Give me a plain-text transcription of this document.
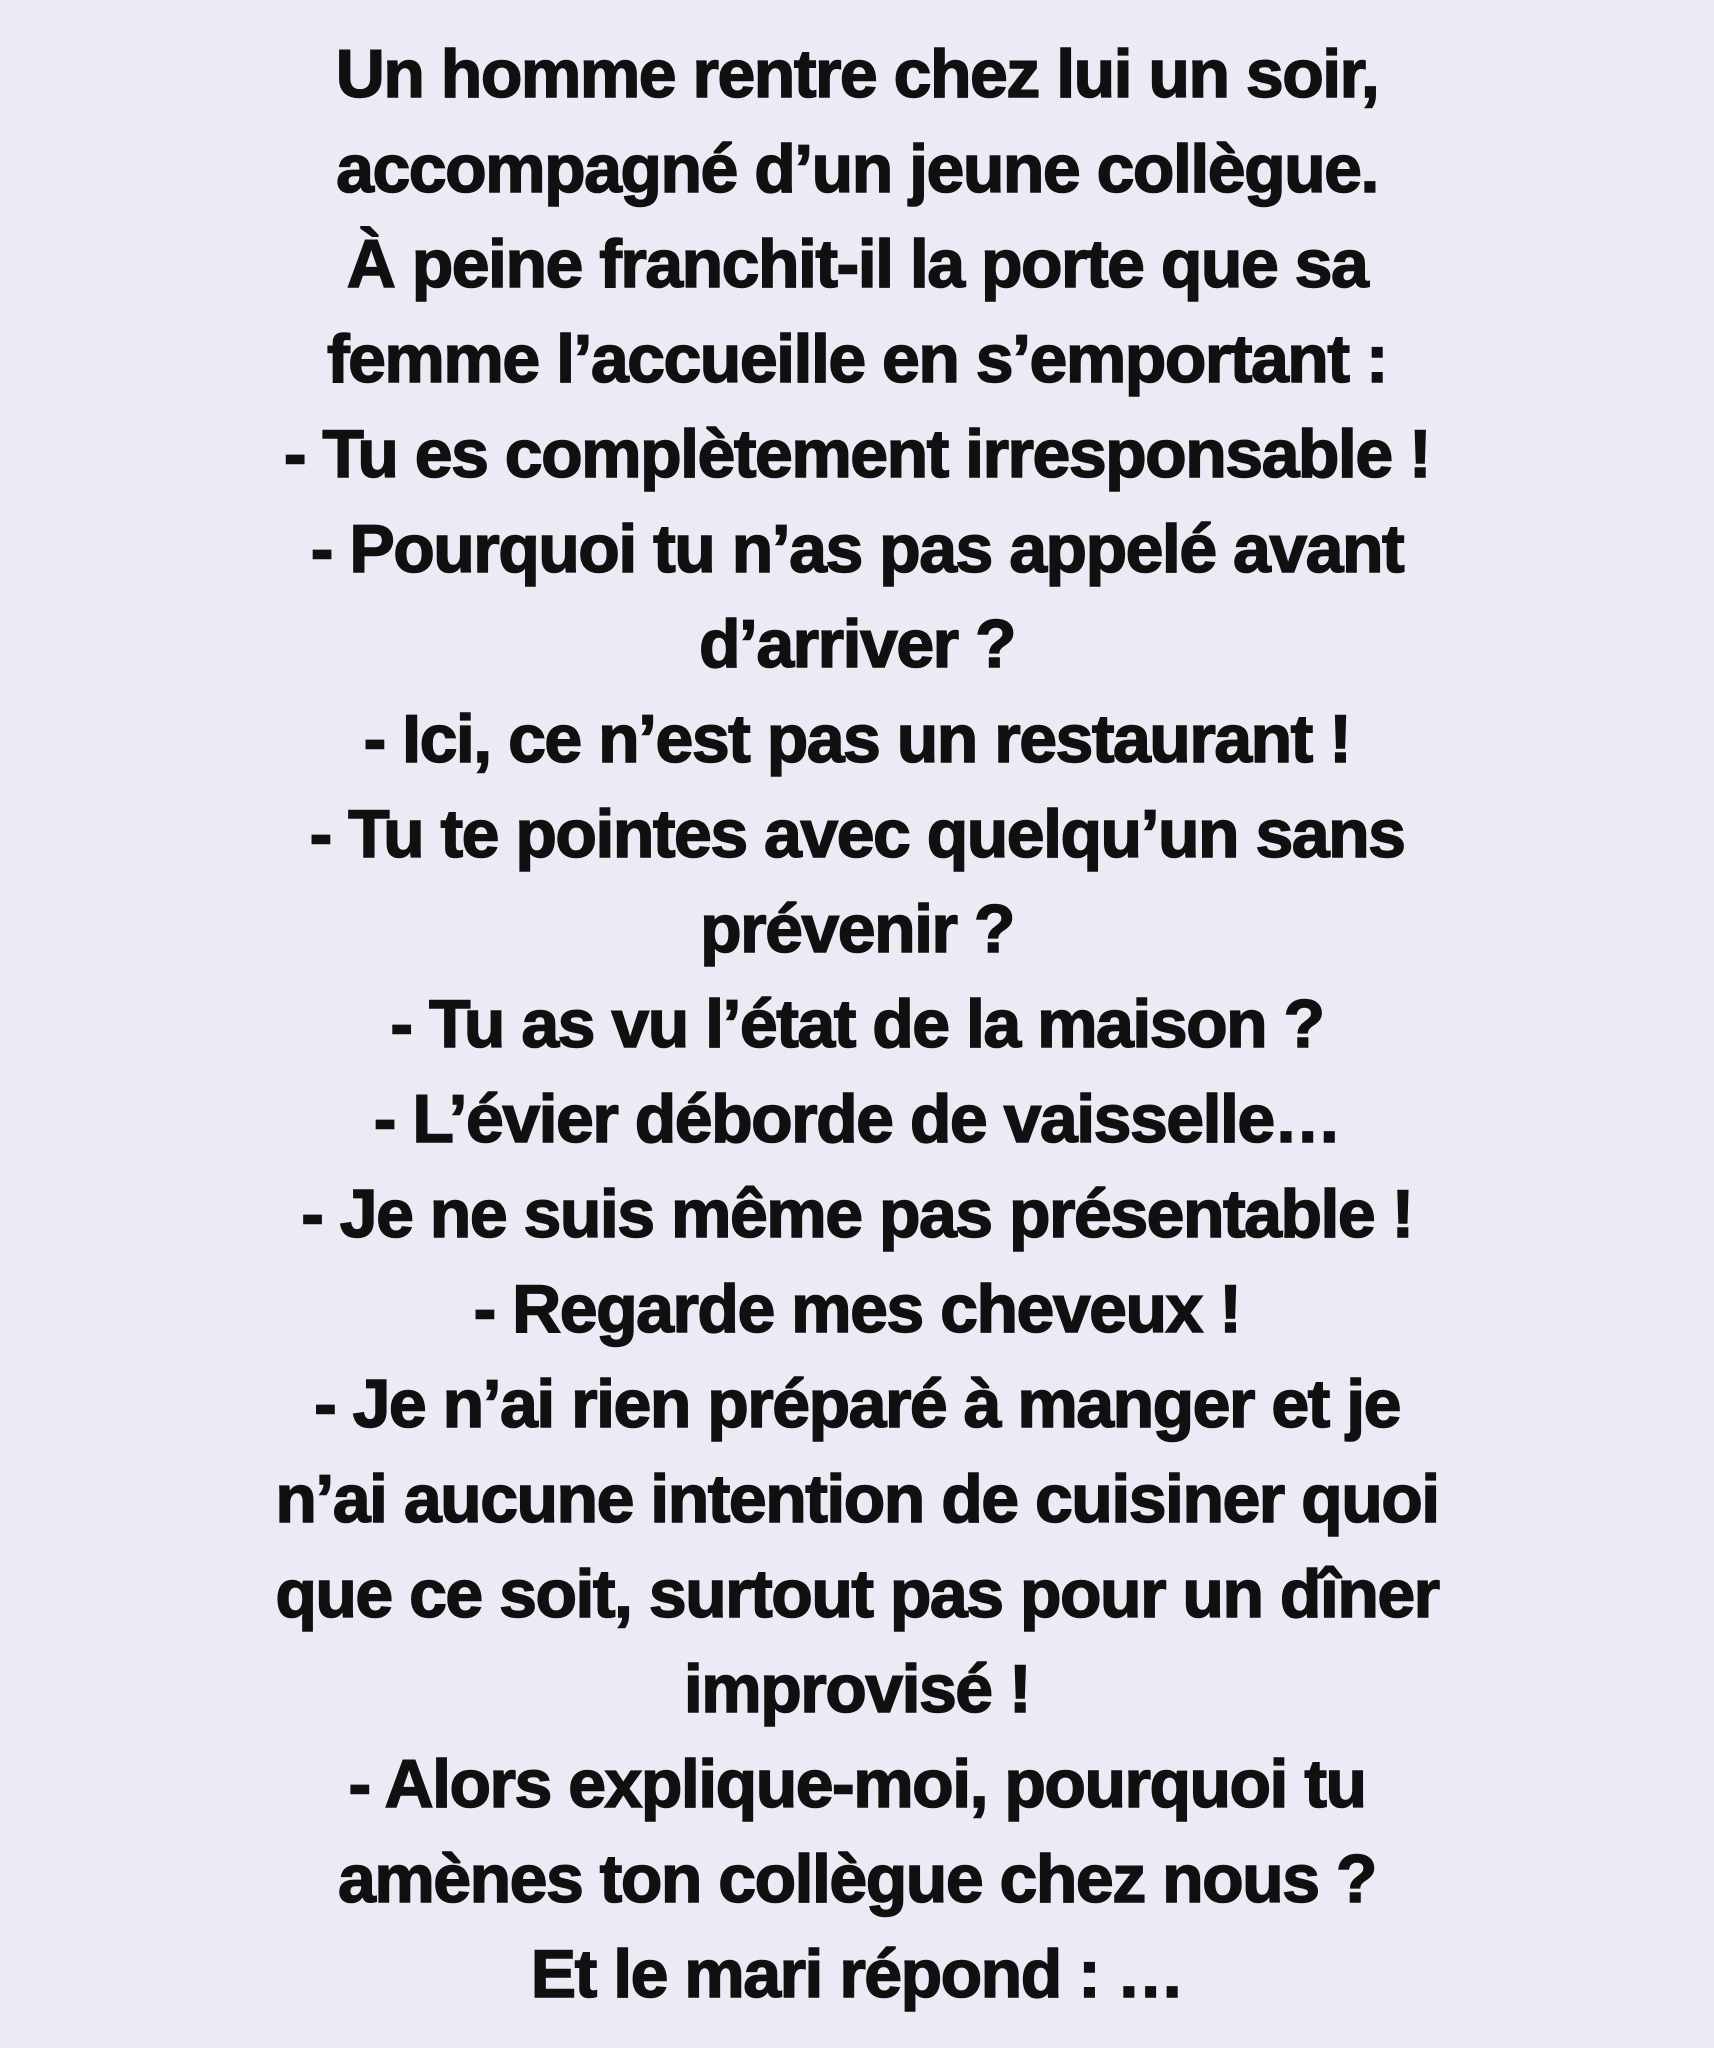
Un homme rentre chez lui un soir,
accompagné d’un jeune collègue.
À peine franchit-il la porte que sa
femme l’accueille en s’emportant :
- Tu es complètement irresponsable !
- Pourquoi tu n’as pas appelé avant
d’arriver ?
- Ici, ce n’est pas un restaurant !
- Tu te pointes avec quelqu’un sans
prévenir ?
- Tu as vu l’état de la maison ?
- L’évier déborde de vaisselle…
- Je ne suis même pas présentable !
- Regarde mes cheveux !
- Je n’ai rien préparé à manger et je
n’ai aucune intention de cuisiner quoi
que ce soit, surtout pas pour un dîner
improvisé !
- Alors explique-moi, pourquoi tu
amènes ton collègue chez nous ?
Et le mari répond : …
